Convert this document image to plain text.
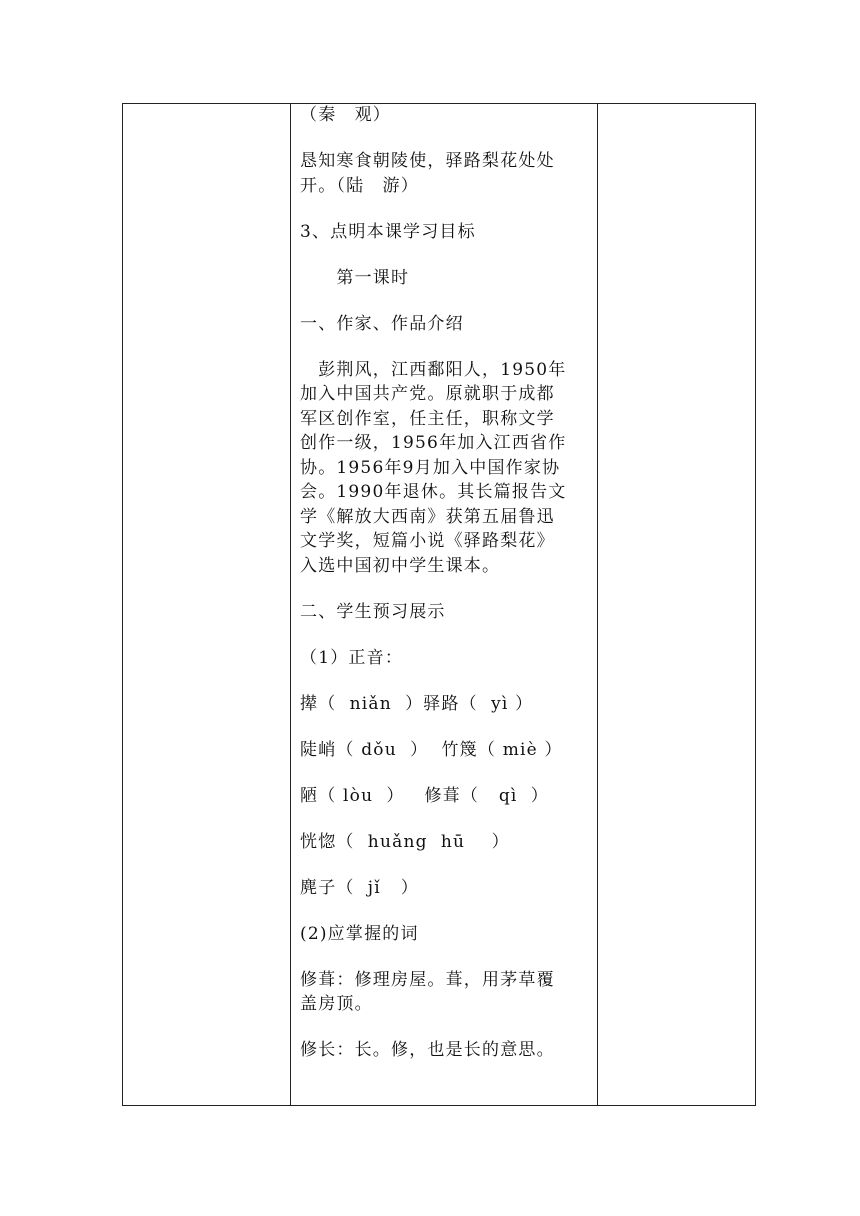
（秦　观）

恳知寒食朝陵使，驿路梨花处处

开。（陆　游）

3、点明本课学习目标

　　第一课时

一、作家、作品介绍

　彭荆风，江西鄱阳人，1950年

加入中国共产党。原就职于成都

军区创作室，任主任，职称文学

创作一级，1956年加入江西省作

协。1956年9月加入中国作家协

会。1990年退休。其长篇报告文

学《解放大西南》获第五届鲁迅

文学奖，短篇小说《驿路梨花》

入选中国初中学生课本。

二、学生预习展示

（1）正音：

撵（  niǎn  ）驿路（  yì ）

陡峭（ dǒu  ）  竹篾（ miè ）

陋（ lòu  ）   修葺（   qì  ）

恍惚（  huǎng  hū    ）

麂子（  jǐ   ）

(2)应掌握的词

修葺：修理房屋。葺，用茅草覆

盖房顶。

修长：长。修，也是长的意思。
